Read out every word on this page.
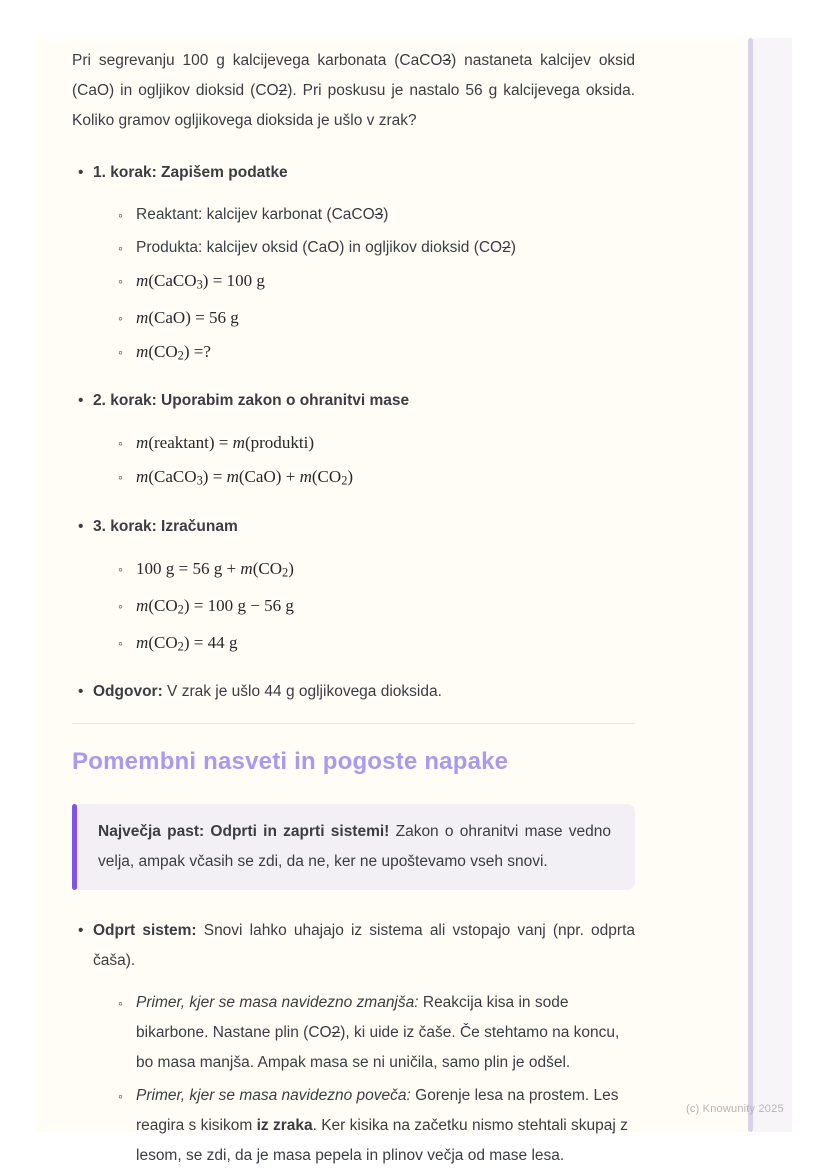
Pri segrevanju 100 g kalcijevega karbonata (CaCO3) nastaneta kalcijev oksid (CaO) in ogljikov dioksid (CO2). Pri poskusu je nastalo 56 g kalcijevega oksida. Koliko gramov ogljikovega dioksida je ušlo v zrak?

• 1. korak: Zapišem podatke
◦ Reaktant: kalcijev karbonat (CaCO3)
◦ Produkta: kalcijev oksid (CaO) in ogljikov dioksid (CO2)
◦ m(CaCO3) = 100 g
◦ m(CaO) = 56 g
◦ m(CO2) =?
• 2. korak: Uporabim zakon o ohranitvi mase
◦ m(reaktant) = m(produkti)
◦ m(CaCO3) = m(CaO) + m(CO2)
• 3. korak: Izračunam
◦ 100 g = 56 g + m(CO2)
◦ m(CO2) = 100 g − 56 g
◦ m(CO2) = 44 g
• Odgovor: V zrak je ušlo 44 g ogljikovega dioksida.
Pomembni nasveti in pogoste napake
Največja past: Odprti in zaprti sistemi! Zakon o ohranitvi mase vedno velja, ampak včasih se zdi, da ne, ker ne upoštevamo vseh snovi.
• Odprt sistem: Snovi lahko uhajajo iz sistema ali vstopajo vanj (npr. odprta čaša).
◦ Primer, kjer se masa navidezno zmanjša: Reakcija kisa in sode bikarbone. Nastane plin (CO2), ki uide iz čaše. Če stehtamo na koncu, bo masa manjša. Ampak masa se ni uničila, samo plin je odšel.
◦ Primer, kjer se masa navidezno poveča: Gorenje lesa na prostem. Les reagira s kisikom iz zraka. Ker kisika na začetku nismo stehtali skupaj z lesom, se zdi, da je masa pepela in plinov večja od mase lesa.
(c) Knowunity 2025
